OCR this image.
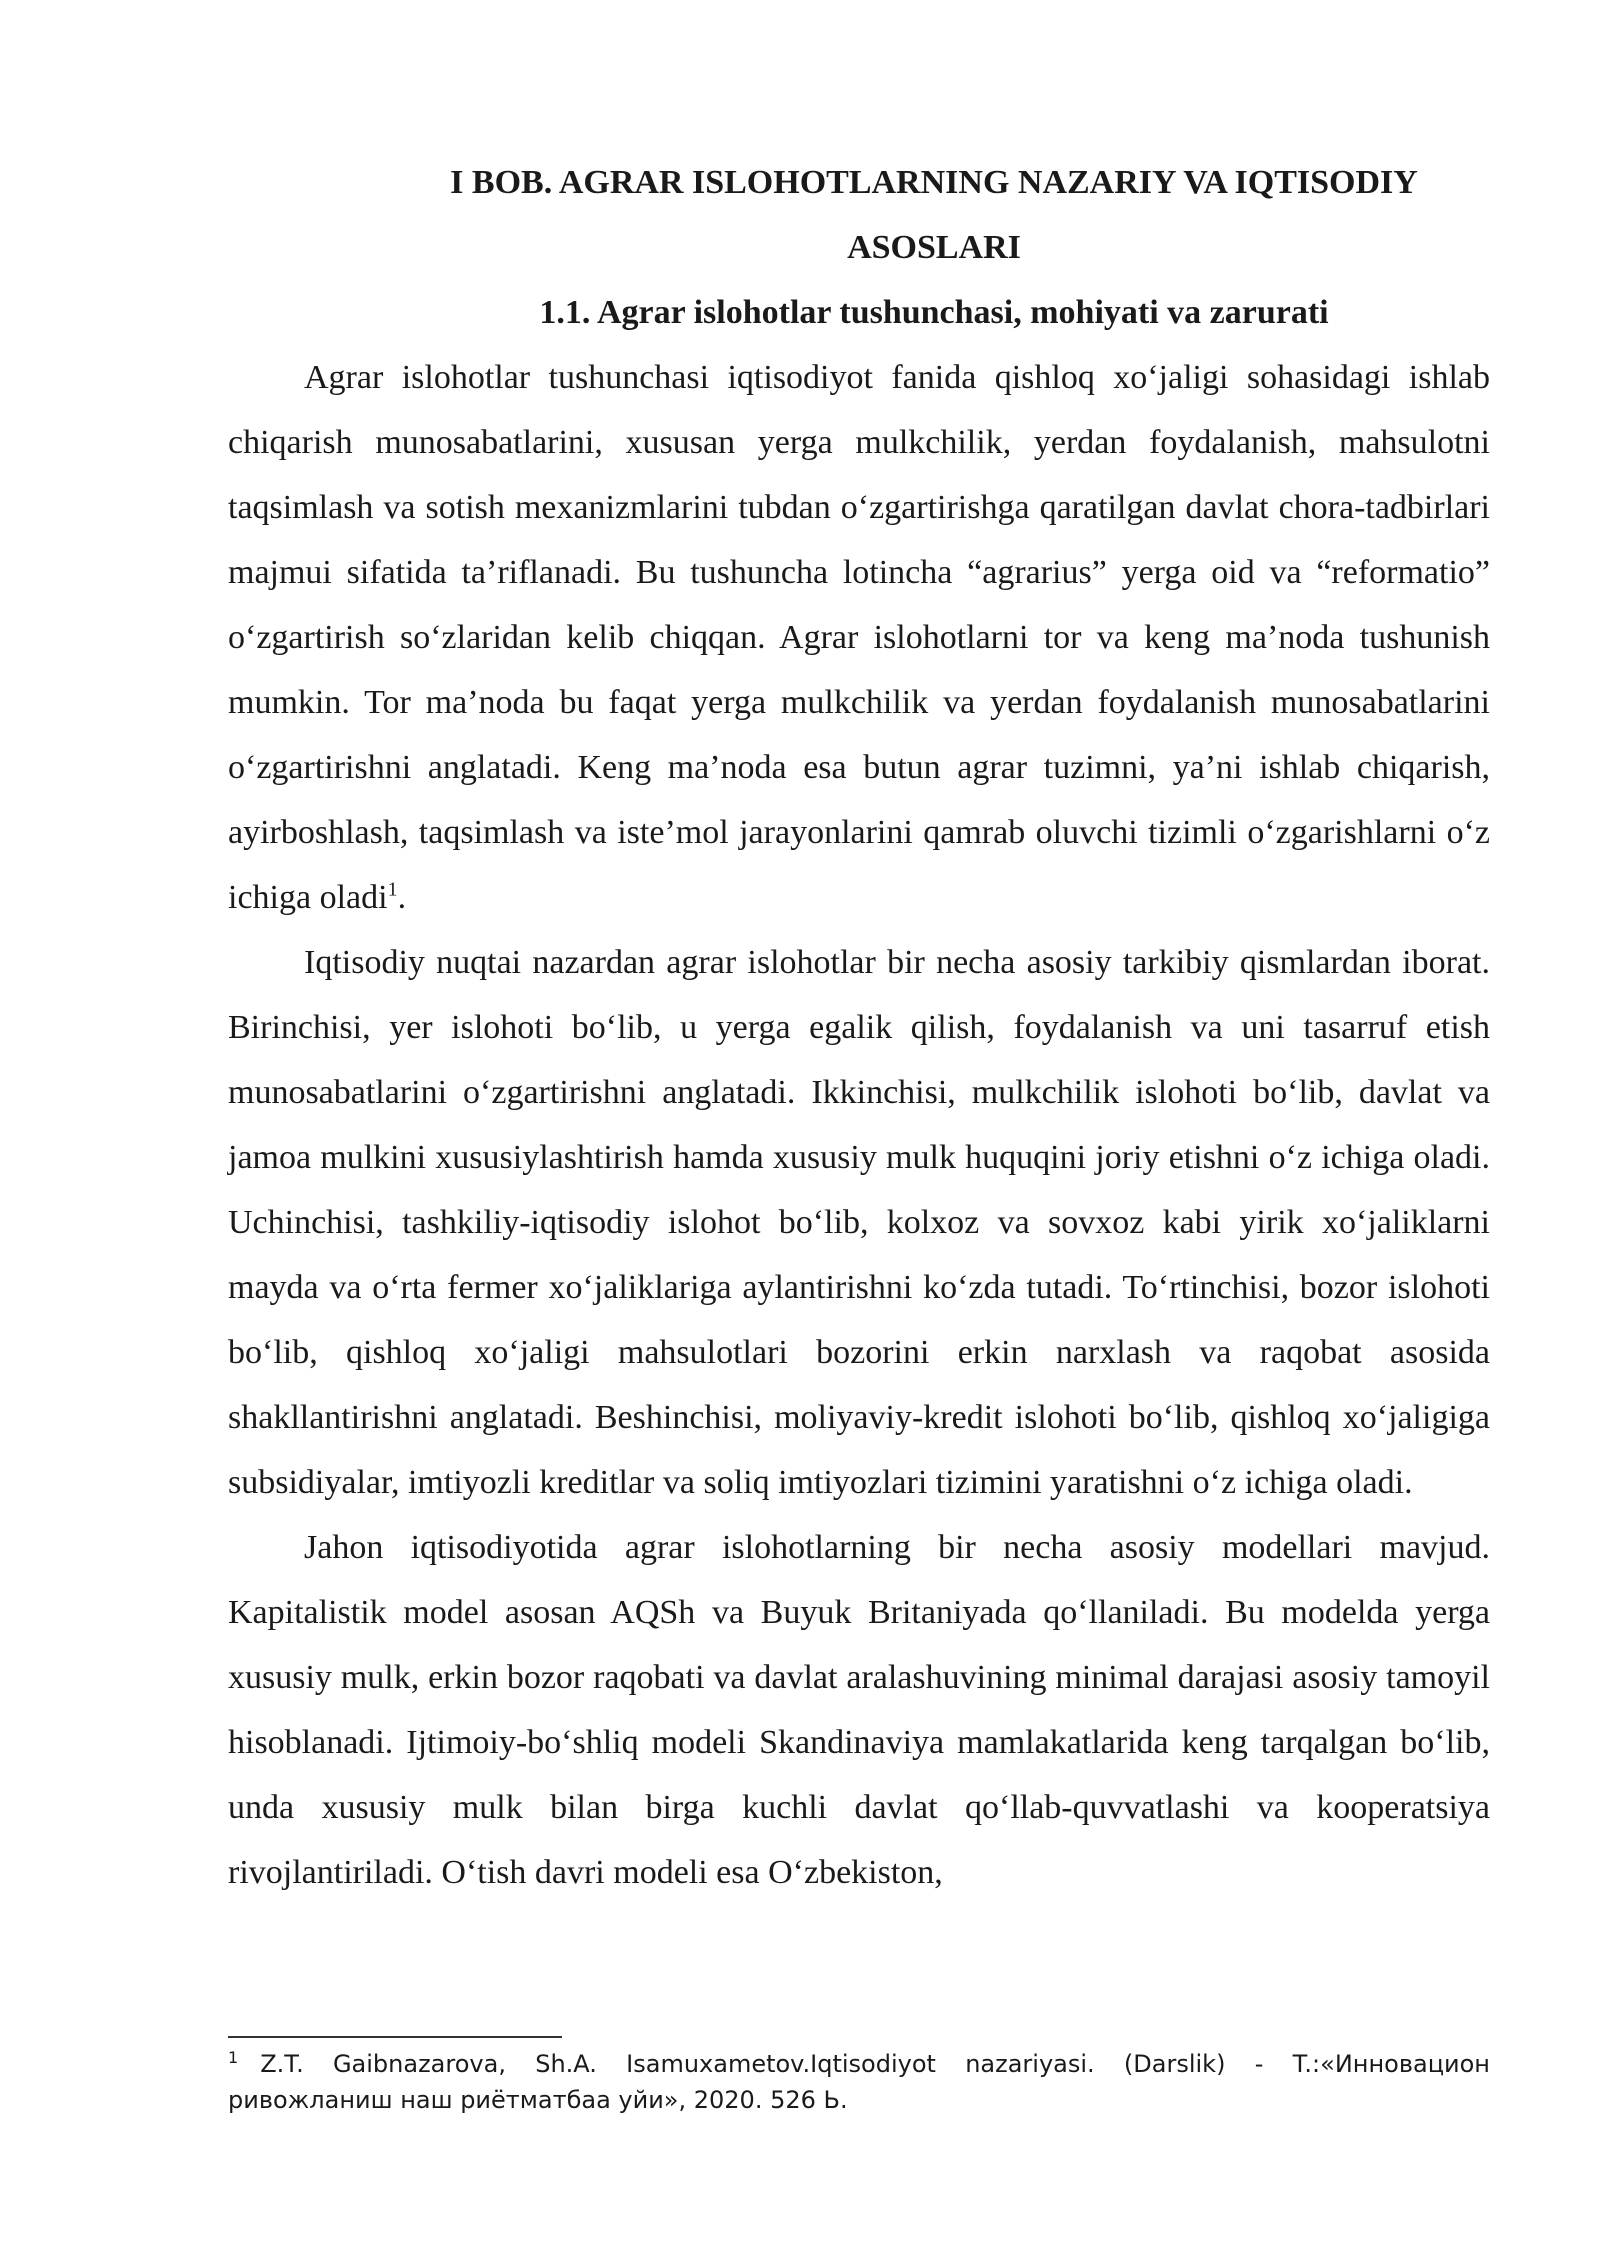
I BOB. AGRAR ISLOHOTLARNING NAZARIY VA IQTISODIY ASOSLARI
1.1. Agrar islohotlar tushunchasi, mohiyati va zarurati

Agrar islohotlar tushunchasi iqtisodiyot fanida qishloq xo‘jaligi sohasidagi ishlab chiqarish munosabatlarini, xususan yerga mulkchilik, yerdan foydalanish, mahsulotni taqsimlash va sotish mexanizmlarini tubdan o‘zgartirishga qaratilgan davlat chora-tadbirlari majmui sifatida ta’riflanadi. Bu tushuncha lotincha “agrarius” yerga oid va “reformatio” o‘zgartirish so‘zlaridan kelib chiqqan. Agrar islohotlarni tor va keng ma’noda tushunish mumkin. Tor ma’noda bu faqat yerga mulkchilik va yerdan foydalanish munosabatlarini o‘zgartirishni anglatadi. Keng ma’noda esa butun agrar tuzimni, ya’ni ishlab chiqarish, ayirboshlash, taqsimlash va iste’mol jarayonlarini qamrab oluvchi tizimli o‘zgarishlarni o‘z ichiga oladi$^1$.

Iqtisodiy nuqtai nazardan agrar islohotlar bir necha asosiy tarkibiy qismlardan iborat. Birinchisi, yer islohoti bo‘lib, u yerga egalik qilish, foydalanish va uni tasarruf etish munosabatlarini o‘zgartirishni anglatadi. Ikkinchisi, mulkchilik islohoti bo‘lib, davlat va jamoa mulkini xususiylashtirish hamda xususiy mulk huquqini joriy etishni o‘z ichiga oladi. Uchinchisi, tashkiliy-iqtisodiy islohot bo‘lib, kolxoz va sovxoz kabi yirik xo‘jaliklarni mayda va o‘rta fermer xo‘jaliklariga aylantirishni ko‘zda tutadi. To‘rtinchisi, bozor islohoti bo‘lib, qishloq xo‘jaligi mahsulotlari bozorini erkin narxlash va raqobat asosida shakllantirishni anglatadi. Beshinchisi, moliyaviy-kredit islohoti bo‘lib, qishloq xo‘jaligiga subsidiyalar, imtiyozli kreditlar va soliq imtiyozlari tizimini yaratishni o‘z ichiga oladi.

Jahon iqtisodiyotida agrar islohotlarning bir necha asosiy modellari mavjud. Kapitalistik model asosan AQSh va Buyuk Britaniyada qo‘llaniladi. Bu modelda yerga xususiy mulk, erkin bozor raqobati va davlat aralashuvining minimal darajasi asosiy tamoyil hisoblanadi. Ijtimoiy-bo‘shliq modeli Skandinaviya mamlakatlarida keng tarqalgan bo‘lib, unda xususiy mulk bilan birga kuchli davlat qo‘llab-quvvatlashi va kooperatsiya rivojlantiriladi. O‘tish davri modeli esa O‘zbekiston,

$^1$ Z.T. Gaibnazarova, Sh.A. Isamuxametov.Iqtisodiyot nazariyasi. (Darslik) - T.:«Инновацион ривожланиш наш риётматбаа уйи», 2020. 526 Ь.
